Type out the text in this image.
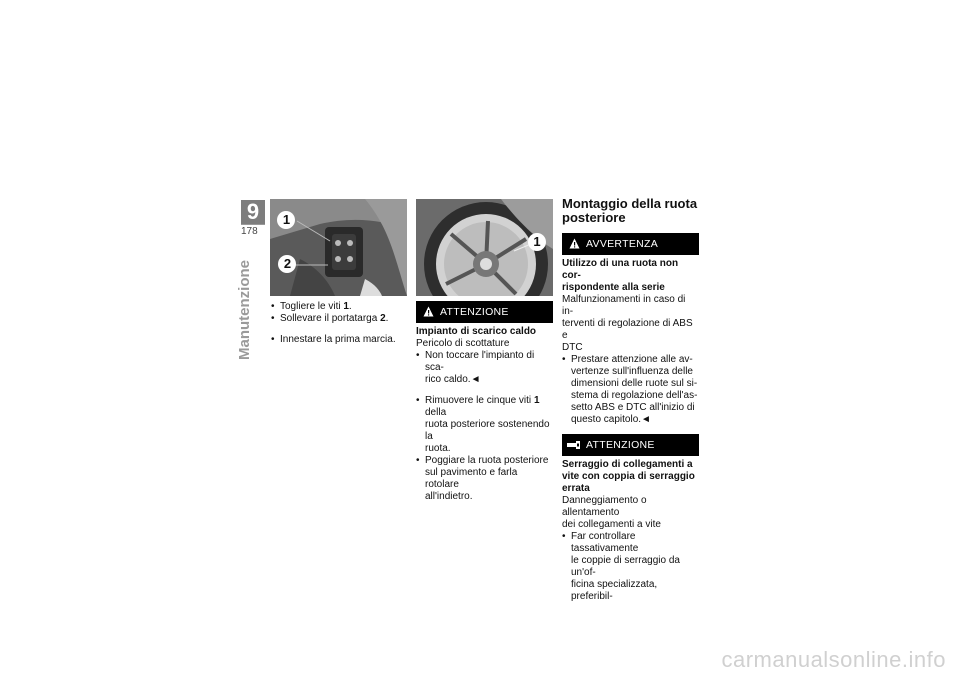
9
178
Manutenzione
1
2

• Togliere le viti 1.

• Sollevare il portatarga 2.

• Innestare la prima marcia.

1
ATTENZIONE

Impianto di scarico caldo

Pericolo di scottature

• Non toccare l'impianto di sca-
rico caldo.◄

• Rimuovere le cinque viti 1 della
ruota posteriore sostenendo la
ruota.

• Poggiare la ruota posteriore
sul pavimento e farla rotolare
all'indietro.

Montaggio della ruota
posteriore

AVVERTENZA

Utilizzo di una ruota non cor-
rispondente alla serie

Malfunzionamenti in caso di in-
terventi di regolazione di ABS e
DTC

• Prestare attenzione alle av-
vertenze sull'influenza delle
dimensioni delle ruote sul si-
stema di regolazione dell'as-
setto ABS e DTC all'inizio di
questo capitolo.◄

ATTENZIONE

Serraggio di collegamenti a
vite con coppia di serraggio
errata

Danneggiamento o allentamento
dei collegamenti a vite

• Far controllare tassativamente
le coppie di serraggio da un'of-
ficina specializzata, preferibil-

carmanualsonline.info
